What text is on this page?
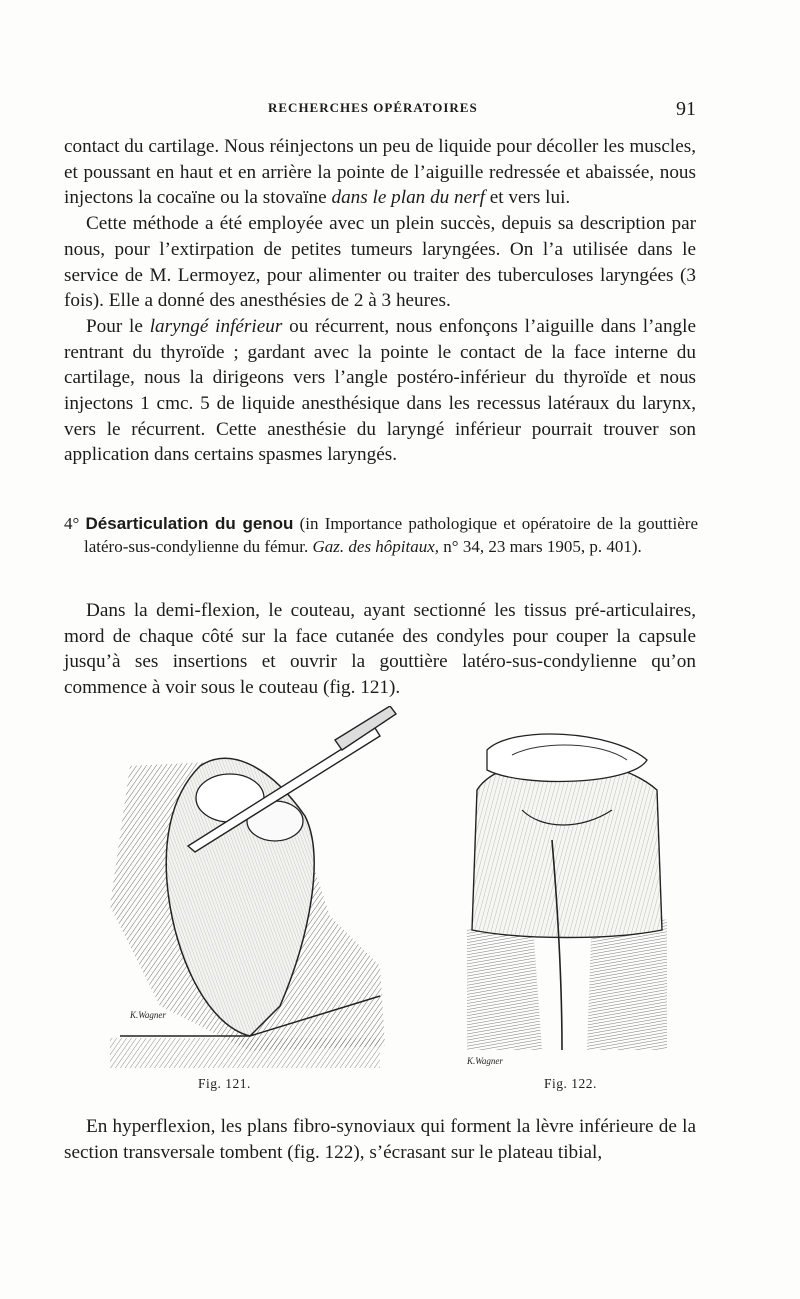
RECHERCHES OPÉRATOIRES	91

contact du cartilage. Nous réinjectons un peu de liquide pour décoller les muscles, et poussant en haut et en arrière la pointe de l’aiguille redressée et abaissée, nous injectons la cocaïne ou la stovaïne dans le plan du nerf et vers lui.

Cette méthode a été employée avec un plein succès, depuis sa description par nous, pour l’extirpation de petites tumeurs laryngées. On l’a utilisée dans le service de M. Lermoyez, pour alimenter ou traiter des tuberculoses laryngées (3 fois). Elle a donné des anesthésies de 2 à 3 heures.

Pour le laryngé inférieur ou récurrent, nous enfonçons l’aiguille dans l’angle rentrant du thyroïde ; gardant avec la pointe le contact de la face interne du cartilage, nous la dirigeons vers l’angle postéro-inférieur du thyroïde et nous injectons 1 cmc. 5 de liquide anesthésique dans les recessus latéraux du larynx, vers le récurrent. Cette anesthésie du laryngé inférieur pourrait trouver son application dans certains spasmes laryngés.

4° Désarticulation du genou (in Importance pathologique et opératoire de la gouttière latéro-sus-condylienne du fémur. Gaz. des hôpitaux, n° 34, 23 mars 1905, p. 401).

Dans la demi-flexion, le couteau, ayant sectionné les tissus pré-articulaires, mord de chaque côté sur la face cutanée des condyles pour couper la capsule jusqu’à ses insertions et ouvrir la gouttière latéro-sus-condylienne qu’on commence à voir sous le couteau (fig. 121).

K.Wagner
Fig. 121.
K.Wagner
Fig. 122.

En hyperflexion, les plans fibro-synoviaux qui forment la lèvre inférieure de la section transversale tombent (fig. 122), s’écrasant sur le plateau tibial,
